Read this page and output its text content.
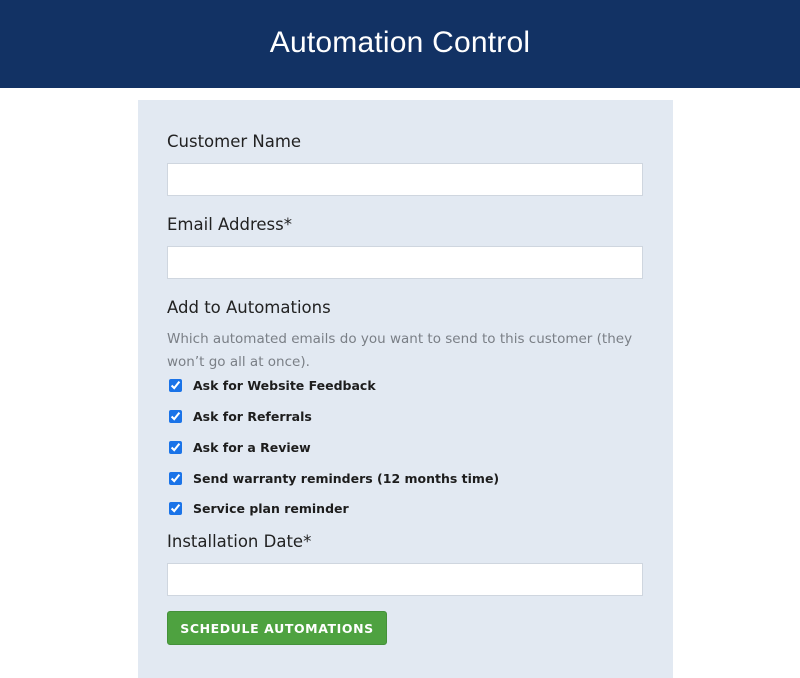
Automation Control
Customer Name
Email Address*
Add to Automations
Which automated emails do you want to send to this customer (they won’t go all at once).
Ask for Website Feedback
Ask for Referrals
Ask for a Review
Send warranty reminders (12 months time)
Service plan reminder
Installation Date*
SCHEDULE AUTOMATIONS
